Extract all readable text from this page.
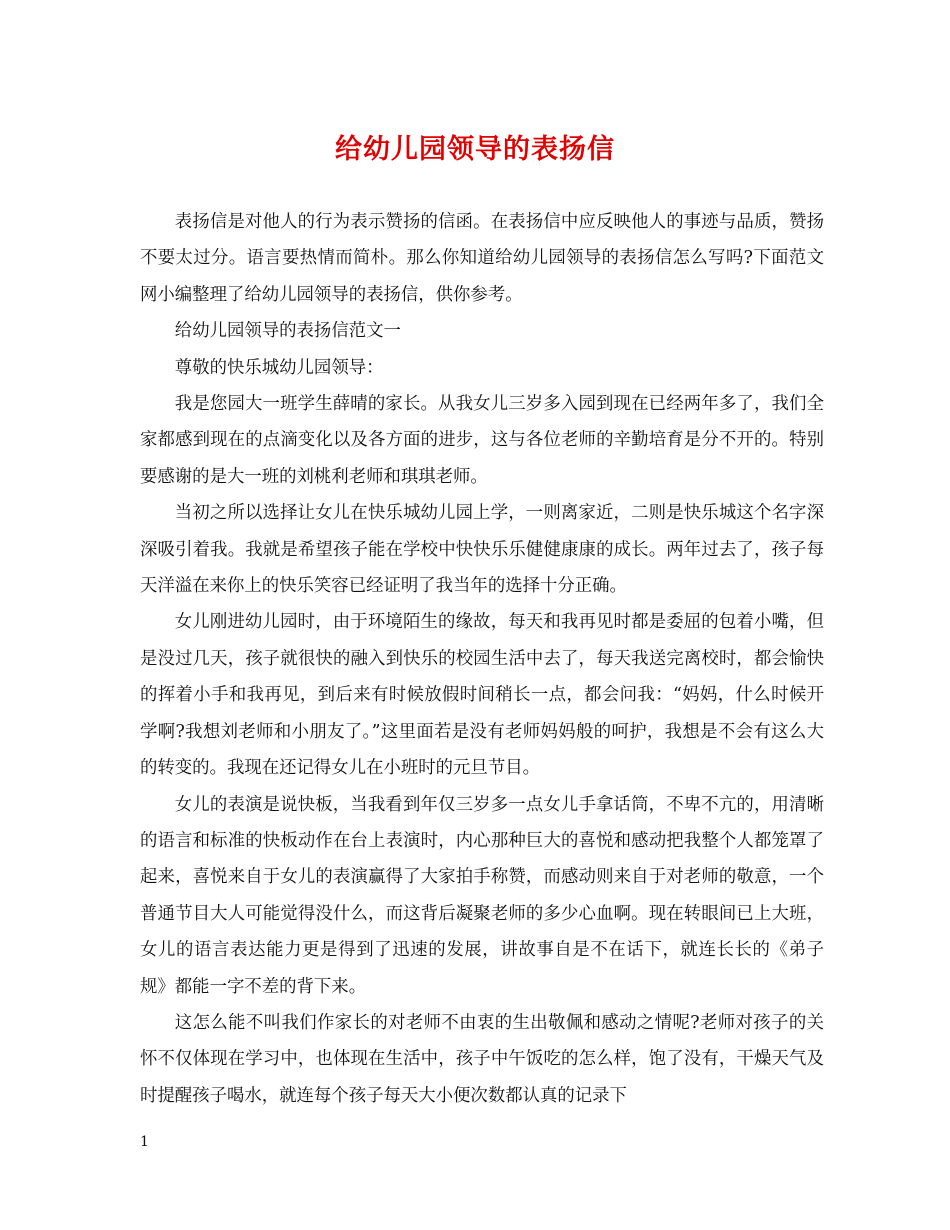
给幼儿园领导的表扬信

表扬信是对他人的行为表示赞扬的信函。在表扬信中应反映他人的事迹与品质，赞扬不要太过分。语言要热情而简朴。那么你知道给幼儿园领导的表扬信怎么写吗?下面范文网小编整理了给幼儿园领导的表扬信，供你参考。

给幼儿园领导的表扬信范文一

尊敬的快乐城幼儿园领导：

我是您园大一班学生薛晴的家长。从我女儿三岁多入园到现在已经两年多了，我们全家都感到现在的点滴变化以及各方面的进步，这与各位老师的辛勤培育是分不开的。特别要感谢的是大一班的刘桃利老师和琪琪老师。

当初之所以选择让女儿在快乐城幼儿园上学，一则离家近，二则是快乐城这个名字深深吸引着我。我就是希望孩子能在学校中快快乐乐健健康康的成长。两年过去了，孩子每天洋溢在来你上的快乐笑容已经证明了我当年的选择十分正确。

女儿刚进幼儿园时，由于环境陌生的缘故，每天和我再见时都是委屈的包着小嘴，但是没过几天，孩子就很快的融入到快乐的校园生活中去了，每天我送完离校时，都会愉快的挥着小手和我再见，到后来有时候放假时间稍长一点，都会问我：“妈妈，什么时候开学啊?我想刘老师和小朋友了。”这里面若是没有老师妈妈般的呵护，我想是不会有这么大的转变的。我现在还记得女儿在小班时的元旦节目。

女儿的表演是说快板，当我看到年仅三岁多一点女儿手拿话筒，不卑不亢的，用清晰的语言和标准的快板动作在台上表演时，内心那种巨大的喜悦和感动把我整个人都笼罩了起来，喜悦来自于女儿的表演赢得了大家拍手称赞，而感动则来自于对老师的敬意，一个普通节目大人可能觉得没什么，而这背后凝聚老师的多少心血啊。现在转眼间已上大班，女儿的语言表达能力更是得到了迅速的发展，讲故事自是不在话下，就连长长的《弟子规》都能一字不差的背下来。

这怎么能不叫我们作家长的对老师不由衷的生出敬佩和感动之情呢?老师对孩子的关怀不仅体现在学习中，也体现在生活中，孩子中午饭吃的怎么样，饱了没有，干燥天气及时提醒孩子喝水，就连每个孩子每天大小便次数都认真的记录下

1
